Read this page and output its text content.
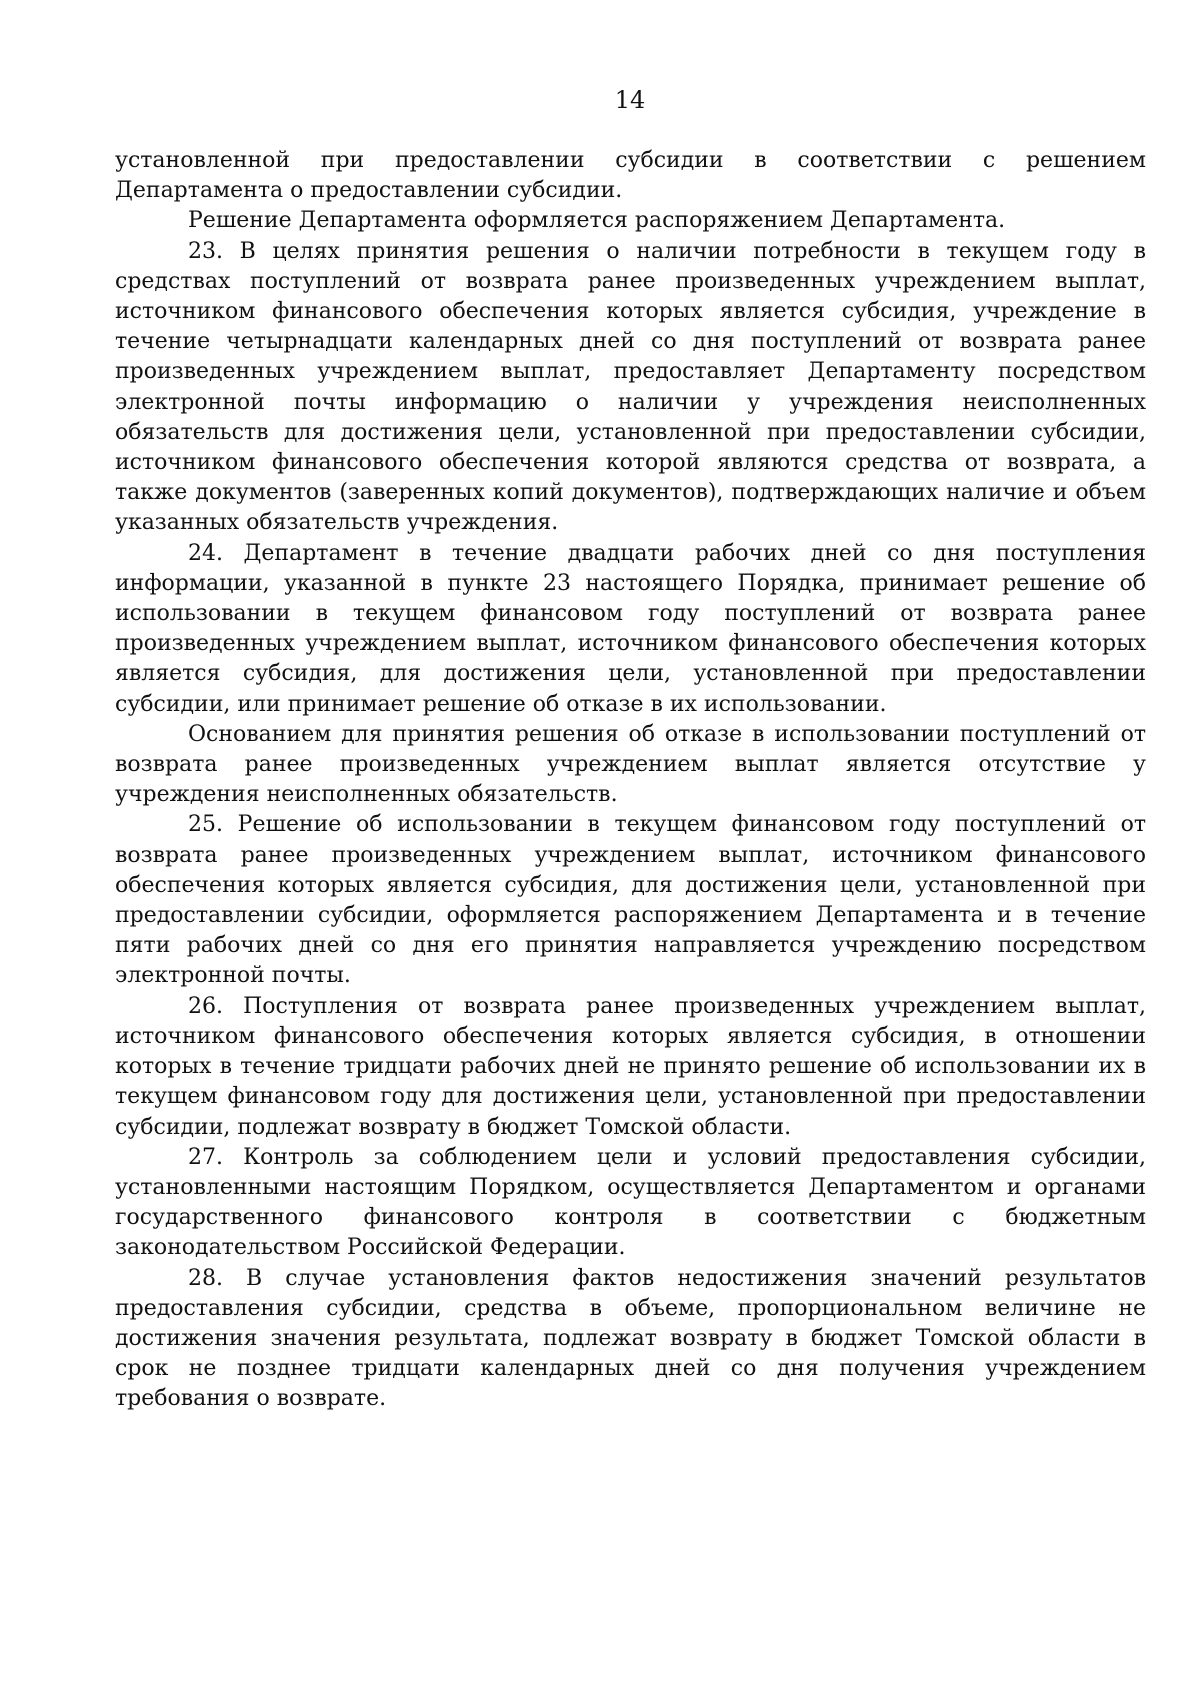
14

установленной при предоставлении субсидии в соответствии с решением Департамента о предоставлении субсидии.

Решение Департамента оформляется распоряжением Департамента.

23. В целях принятия решения о наличии потребности в текущем году в средствах поступлений от возврата ранее произведенных учреждением выплат, источником финансового обеспечения которых является субсидия, учреждение в течение четырнадцати календарных дней со дня поступлений от возврата ранее произведенных учреждением выплат, предоставляет Департаменту посредством электронной почты информацию о наличии у учреждения неисполненных обязательств для достижения цели, установленной при предоставлении субсидии, источником финансового обеспечения которой являются средства от возврата, а также документов (заверенных копий документов), подтверждающих наличие и объем указанных обязательств учреждения.

24. Департамент в течение двадцати рабочих дней со дня поступления информации, указанной в пункте 23 настоящего Порядка, принимает решение об использовании в текущем финансовом году поступлений от возврата ранее произведенных учреждением выплат, источником финансового обеспечения которых является субсидия, для достижения цели, установленной при предоставлении субсидии, или принимает решение об отказе в их использовании.

Основанием для принятия решения об отказе в использовании поступлений от возврата ранее произведенных учреждением выплат является отсутствие у учреждения неисполненных обязательств.

25. Решение об использовании в текущем финансовом году поступлений от возврата ранее произведенных учреждением выплат, источником финансового обеспечения которых является субсидия, для достижения цели, установленной при предоставлении субсидии, оформляется распоряжением Департамента и в течение пяти рабочих дней со дня его принятия направляется учреждению посредством электронной почты.

26. Поступления от возврата ранее произведенных учреждением выплат, источником финансового обеспечения которых является субсидия, в отношении которых в течение тридцати рабочих дней не принято решение об использовании их в текущем финансовом году для достижения цели, установленной при предоставлении субсидии, подлежат возврату в бюджет Томской области.

27. Контроль за соблюдением цели и условий предоставления субсидии, установленными настоящим Порядком, осуществляется Департаментом и органами государственного финансового контроля в соответствии с бюджетным законодательством Российской Федерации.

28. В случае установления фактов недостижения значений результатов предоставления субсидии, средства в объеме, пропорциональном величине не достижения значения результата, подлежат возврату в бюджет Томской области в срок не позднее тридцати календарных дней со дня получения учреждением требования о возврате.
